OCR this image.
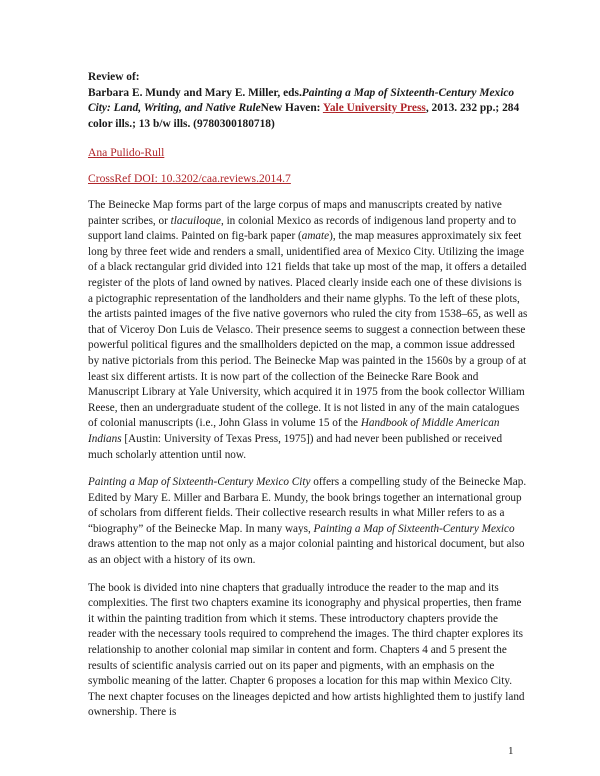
Review of:
Barbara E. Mundy and Mary E. Miller, eds.Painting a Map of Sixteenth-Century Mexico City: Land, Writing, and Native RuleNew Haven: Yale University Press, 2013. 232 pp.; 284 color ills.; 13 b/w ills. (9780300180718)

Ana Pulido-Rull

CrossRef DOI: 10.3202/caa.reviews.2014.7

The Beinecke Map forms part of the large corpus of maps and manuscripts created by native painter scribes, or tlacuiloque, in colonial Mexico as records of indigenous land property and to support land claims. Painted on fig-bark paper (amate), the map measures approximately six feet long by three feet wide and renders a small, unidentified area of Mexico City. Utilizing the image of a black rectangular grid divided into 121 fields that take up most of the map, it offers a detailed register of the plots of land owned by natives. Placed clearly inside each one of these divisions is a pictographic representation of the landholders and their name glyphs. To the left of these plots, the artists painted images of the five native governors who ruled the city from 1538–65, as well as that of Viceroy Don Luis de Velasco. Their presence seems to suggest a connection between these powerful political figures and the smallholders depicted on the map, a common issue addressed by native pictorials from this period. The Beinecke Map was painted in the 1560s by a group of at least six different artists. It is now part of the collection of the Beinecke Rare Book and Manuscript Library at Yale University, which acquired it in 1975 from the book collector William Reese, then an undergraduate student of the college. It is not listed in any of the main catalogues of colonial manuscripts (i.e., John Glass in volume 15 of the Handbook of Middle American Indians [Austin: University of Texas Press, 1975]) and had never been published or received much scholarly attention until now.

Painting a Map of Sixteenth-Century Mexico City offers a compelling study of the Beinecke Map. Edited by Mary E. Miller and Barbara E. Mundy, the book brings together an international group of scholars from different fields. Their collective research results in what Miller refers to as a “biography” of the Beinecke Map. In many ways, Painting a Map of Sixteenth-Century Mexico draws attention to the map not only as a major colonial painting and historical document, but also as an object with a history of its own.

The book is divided into nine chapters that gradually introduce the reader to the map and its complexities. The first two chapters examine its iconography and physical properties, then frame it within the painting tradition from which it stems. These introductory chapters provide the reader with the necessary tools required to comprehend the images. The third chapter explores its relationship to another colonial map similar in content and form. Chapters 4 and 5 present the results of scientific analysis carried out on its paper and pigments, with an emphasis on the symbolic meaning of the latter. Chapter 6 proposes a location for this map within Mexico City. The next chapter focuses on the lineages depicted and how artists highlighted them to justify land ownership. There is

1
